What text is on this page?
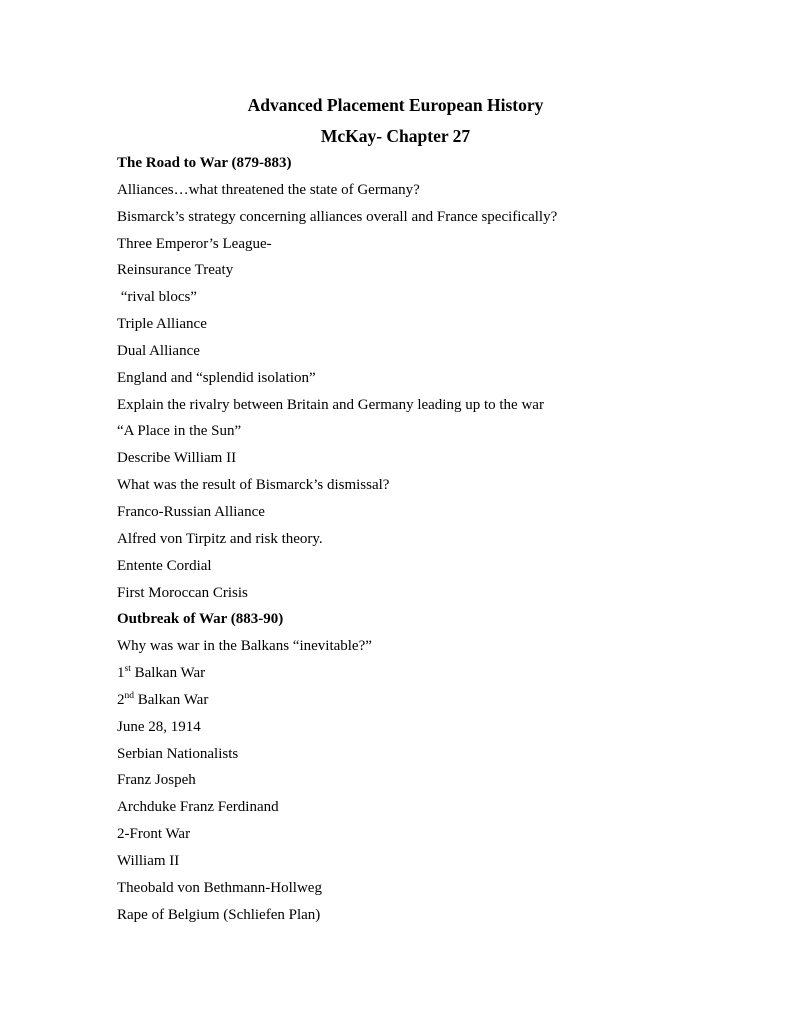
Advanced Placement European History
McKay- Chapter 27
The Road to War (879-883)
Alliances…what threatened the state of Germany?
Bismarck’s strategy concerning alliances overall and France specifically?
Three Emperor’s League-
Reinsurance Treaty
“rival blocs”
Triple Alliance
Dual Alliance
England and “splendid isolation”
Explain the rivalry between Britain and Germany leading up to the war
“A Place in the Sun”
Describe William II
What was the result of Bismarck’s dismissal?
Franco-Russian Alliance
Alfred von Tirpitz and risk theory.
Entente Cordial
First Moroccan Crisis
Outbreak of War (883-90)
Why was war in the Balkans “inevitable?”
1st Balkan War
2nd Balkan War
June 28, 1914
Serbian Nationalists
Franz Jospeh
Archduke Franz Ferdinand
2-Front War
William II
Theobald von Bethmann-Hollweg
Rape of Belgium (Schliefen Plan)
